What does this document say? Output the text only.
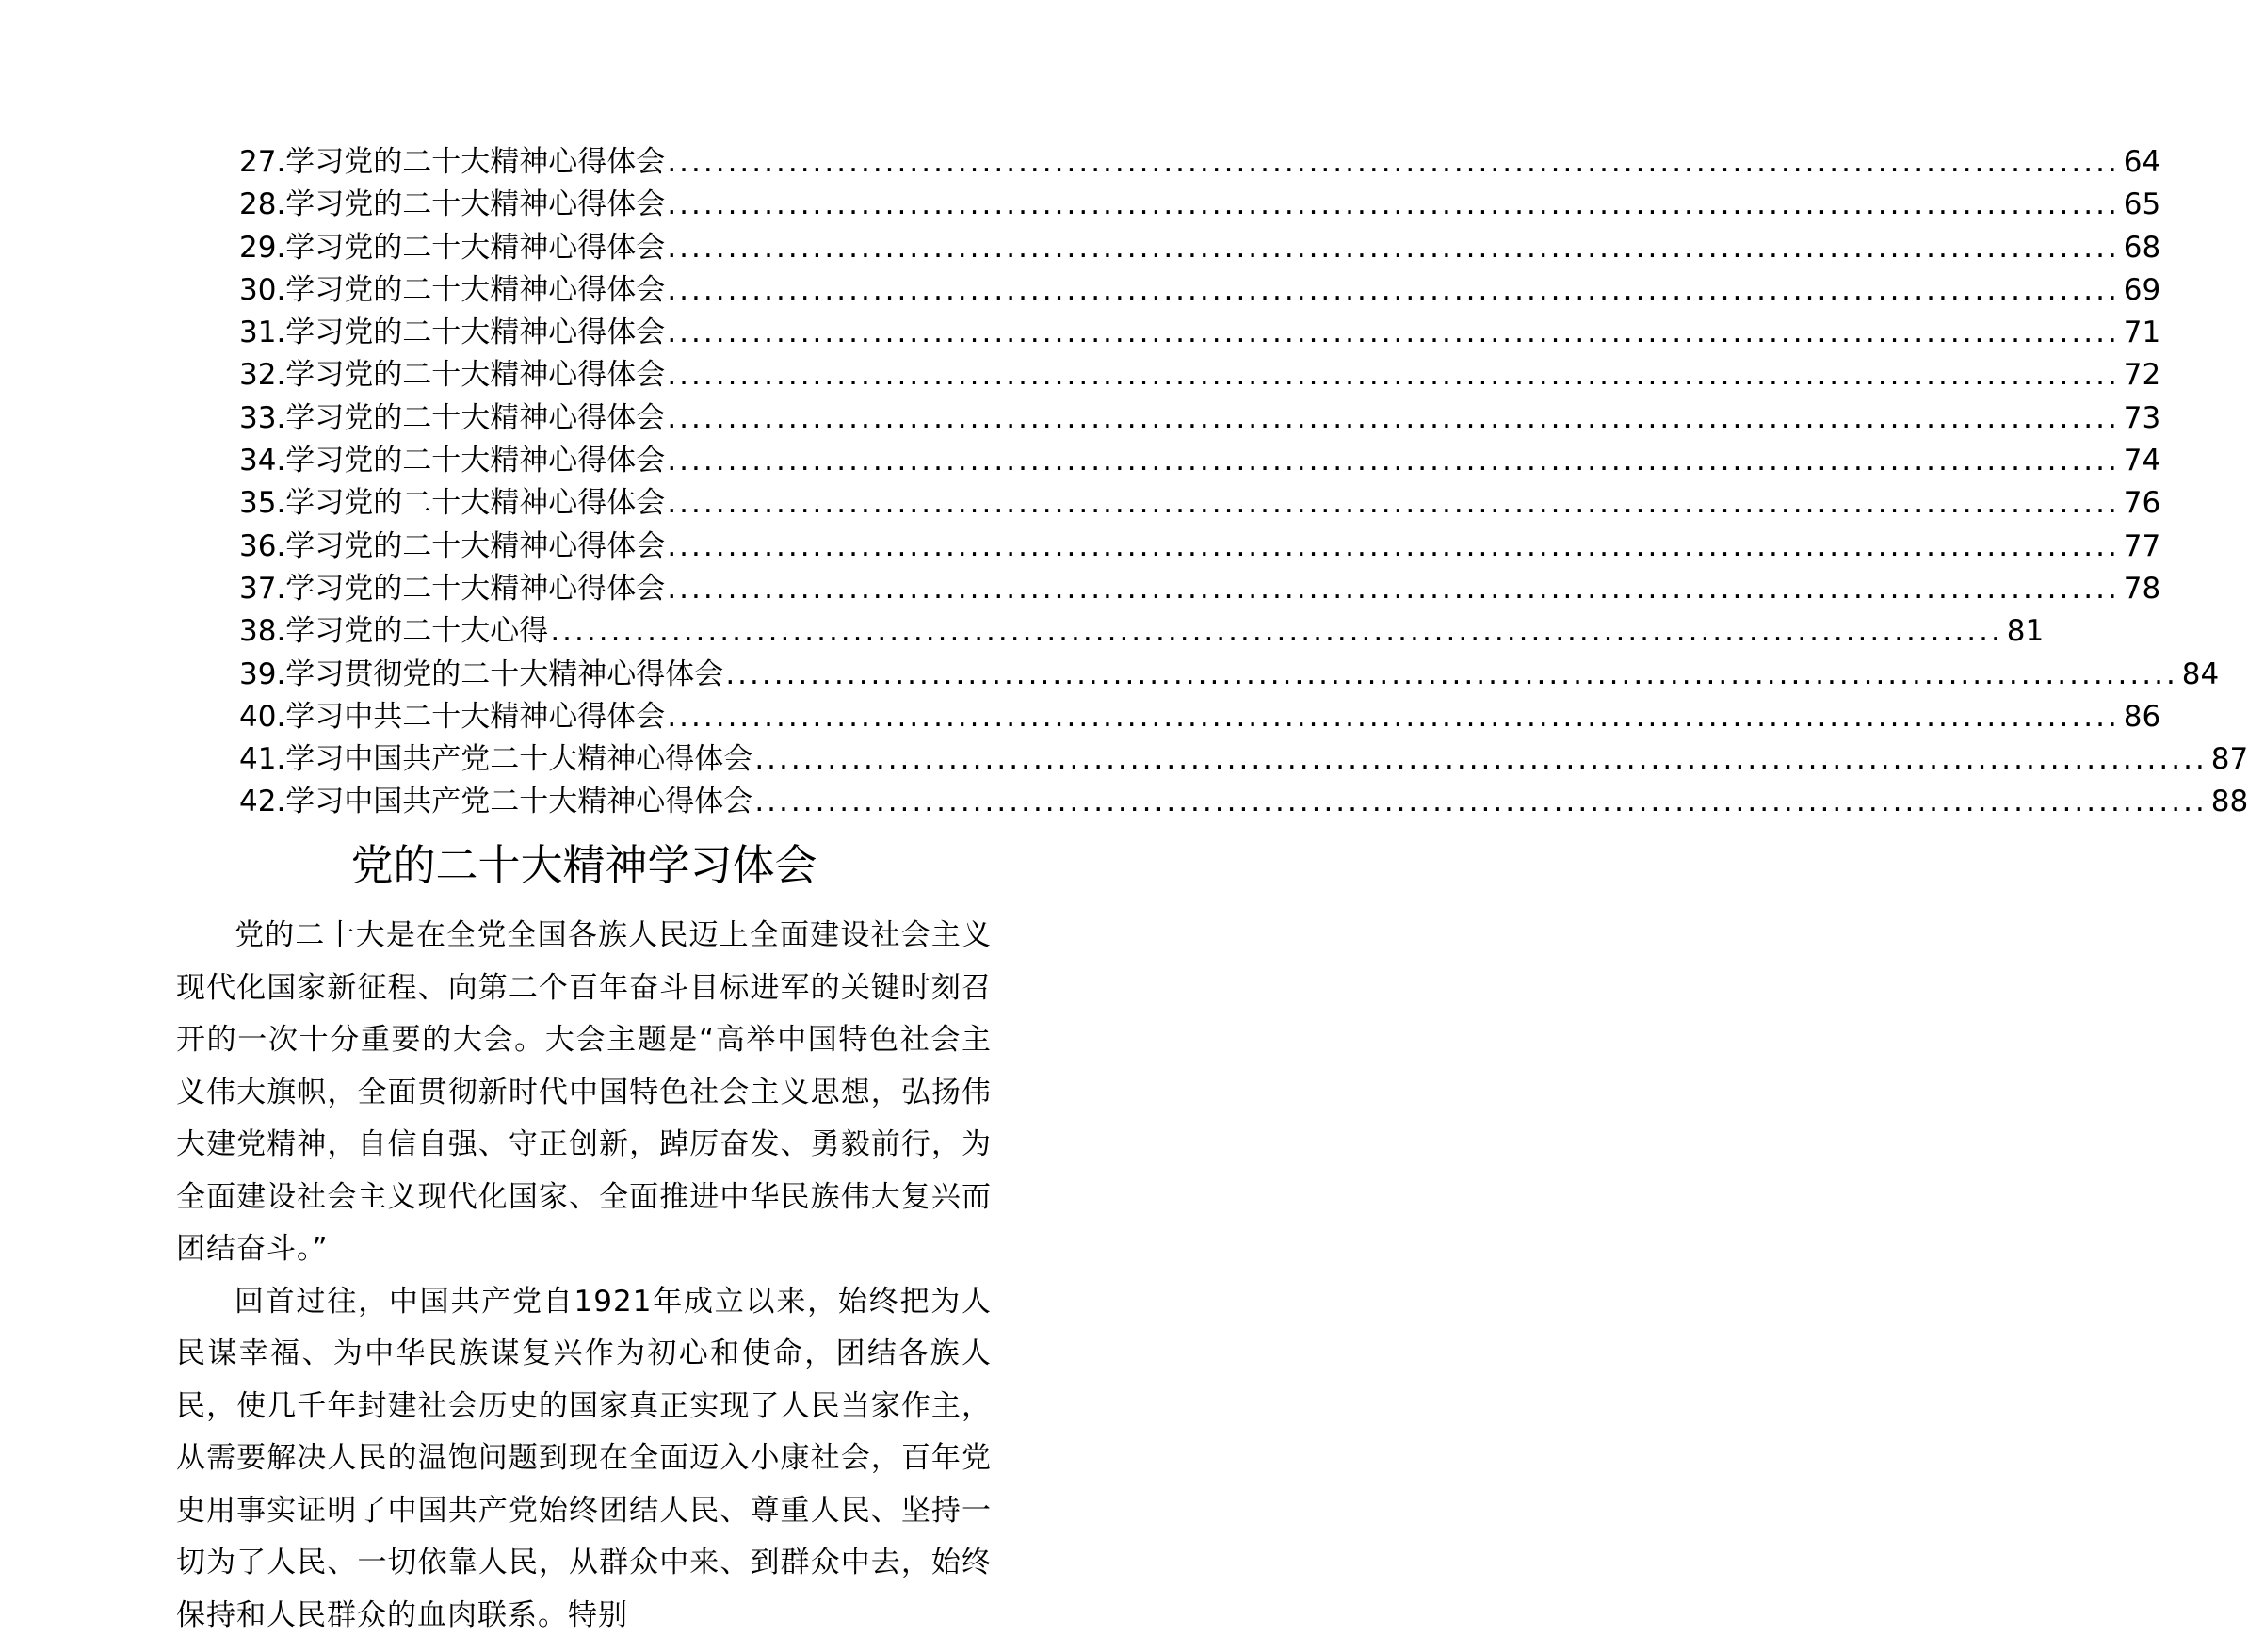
27.学习党的二十大精神心得体会 ........................................................................................................................ 64
28.学习党的二十大精神心得体会 ........................................................................................................................ 65
29.学习党的二十大精神心得体会 ........................................................................................................................ 68
30.学习党的二十大精神心得体会 ........................................................................................................................ 69
31.学习党的二十大精神心得体会 ........................................................................................................................ 71
32.学习党的二十大精神心得体会 ........................................................................................................................ 72
33.学习党的二十大精神心得体会 ........................................................................................................................ 73
34.学习党的二十大精神心得体会 ........................................................................................................................ 74
35.学习党的二十大精神心得体会 ........................................................................................................................ 76
36.学习党的二十大精神心得体会 ........................................................................................................................ 77
37.学习党的二十大精神心得体会 ........................................................................................................................ 78
38.学习党的二十大心得 ........................................................................................................................ 81
39.学习贯彻党的二十大精神心得体会 ........................................................................................................................ 84
40.学习中共二十大精神心得体会 ........................................................................................................................ 86
41.学习中国共产党二十大精神心得体会 ........................................................................................................................ 87
42.学习中国共产党二十大精神心得体会 ........................................................................................................................ 88
党的二十大精神学习体会

党的二十大是在全党全国各族人民迈上全面建设社会主义现代化国家新征程、向第二个百年奋斗目标进军的关键时刻召开的一次十分重要的大会。大会主题是“高举中国特色社会主义伟大旗帜，全面贯彻新时代中国特色社会主义思想，弘扬伟大建党精神，自信自强、守正创新，踔厉奋发、勇毅前行，为全面建设社会主义现代化国家、全面推进中华民族伟大复兴而团结奋斗。”

回首过往，中国共产党自1921年成立以来，始终把为人民谋幸福、为中华民族谋复兴作为初心和使命，团结各族人民，使几千年封建社会历史的国家真正实现了人民当家作主，从需要解决人民的温饱问题到现在全面迈入小康社会，百年党史用事实证明了中国共产党始终团结人民、尊重人民、坚持一切为了人民、一切依靠人民，从群众中来、到群众中去，始终保持和人民群众的血肉联系。特别
